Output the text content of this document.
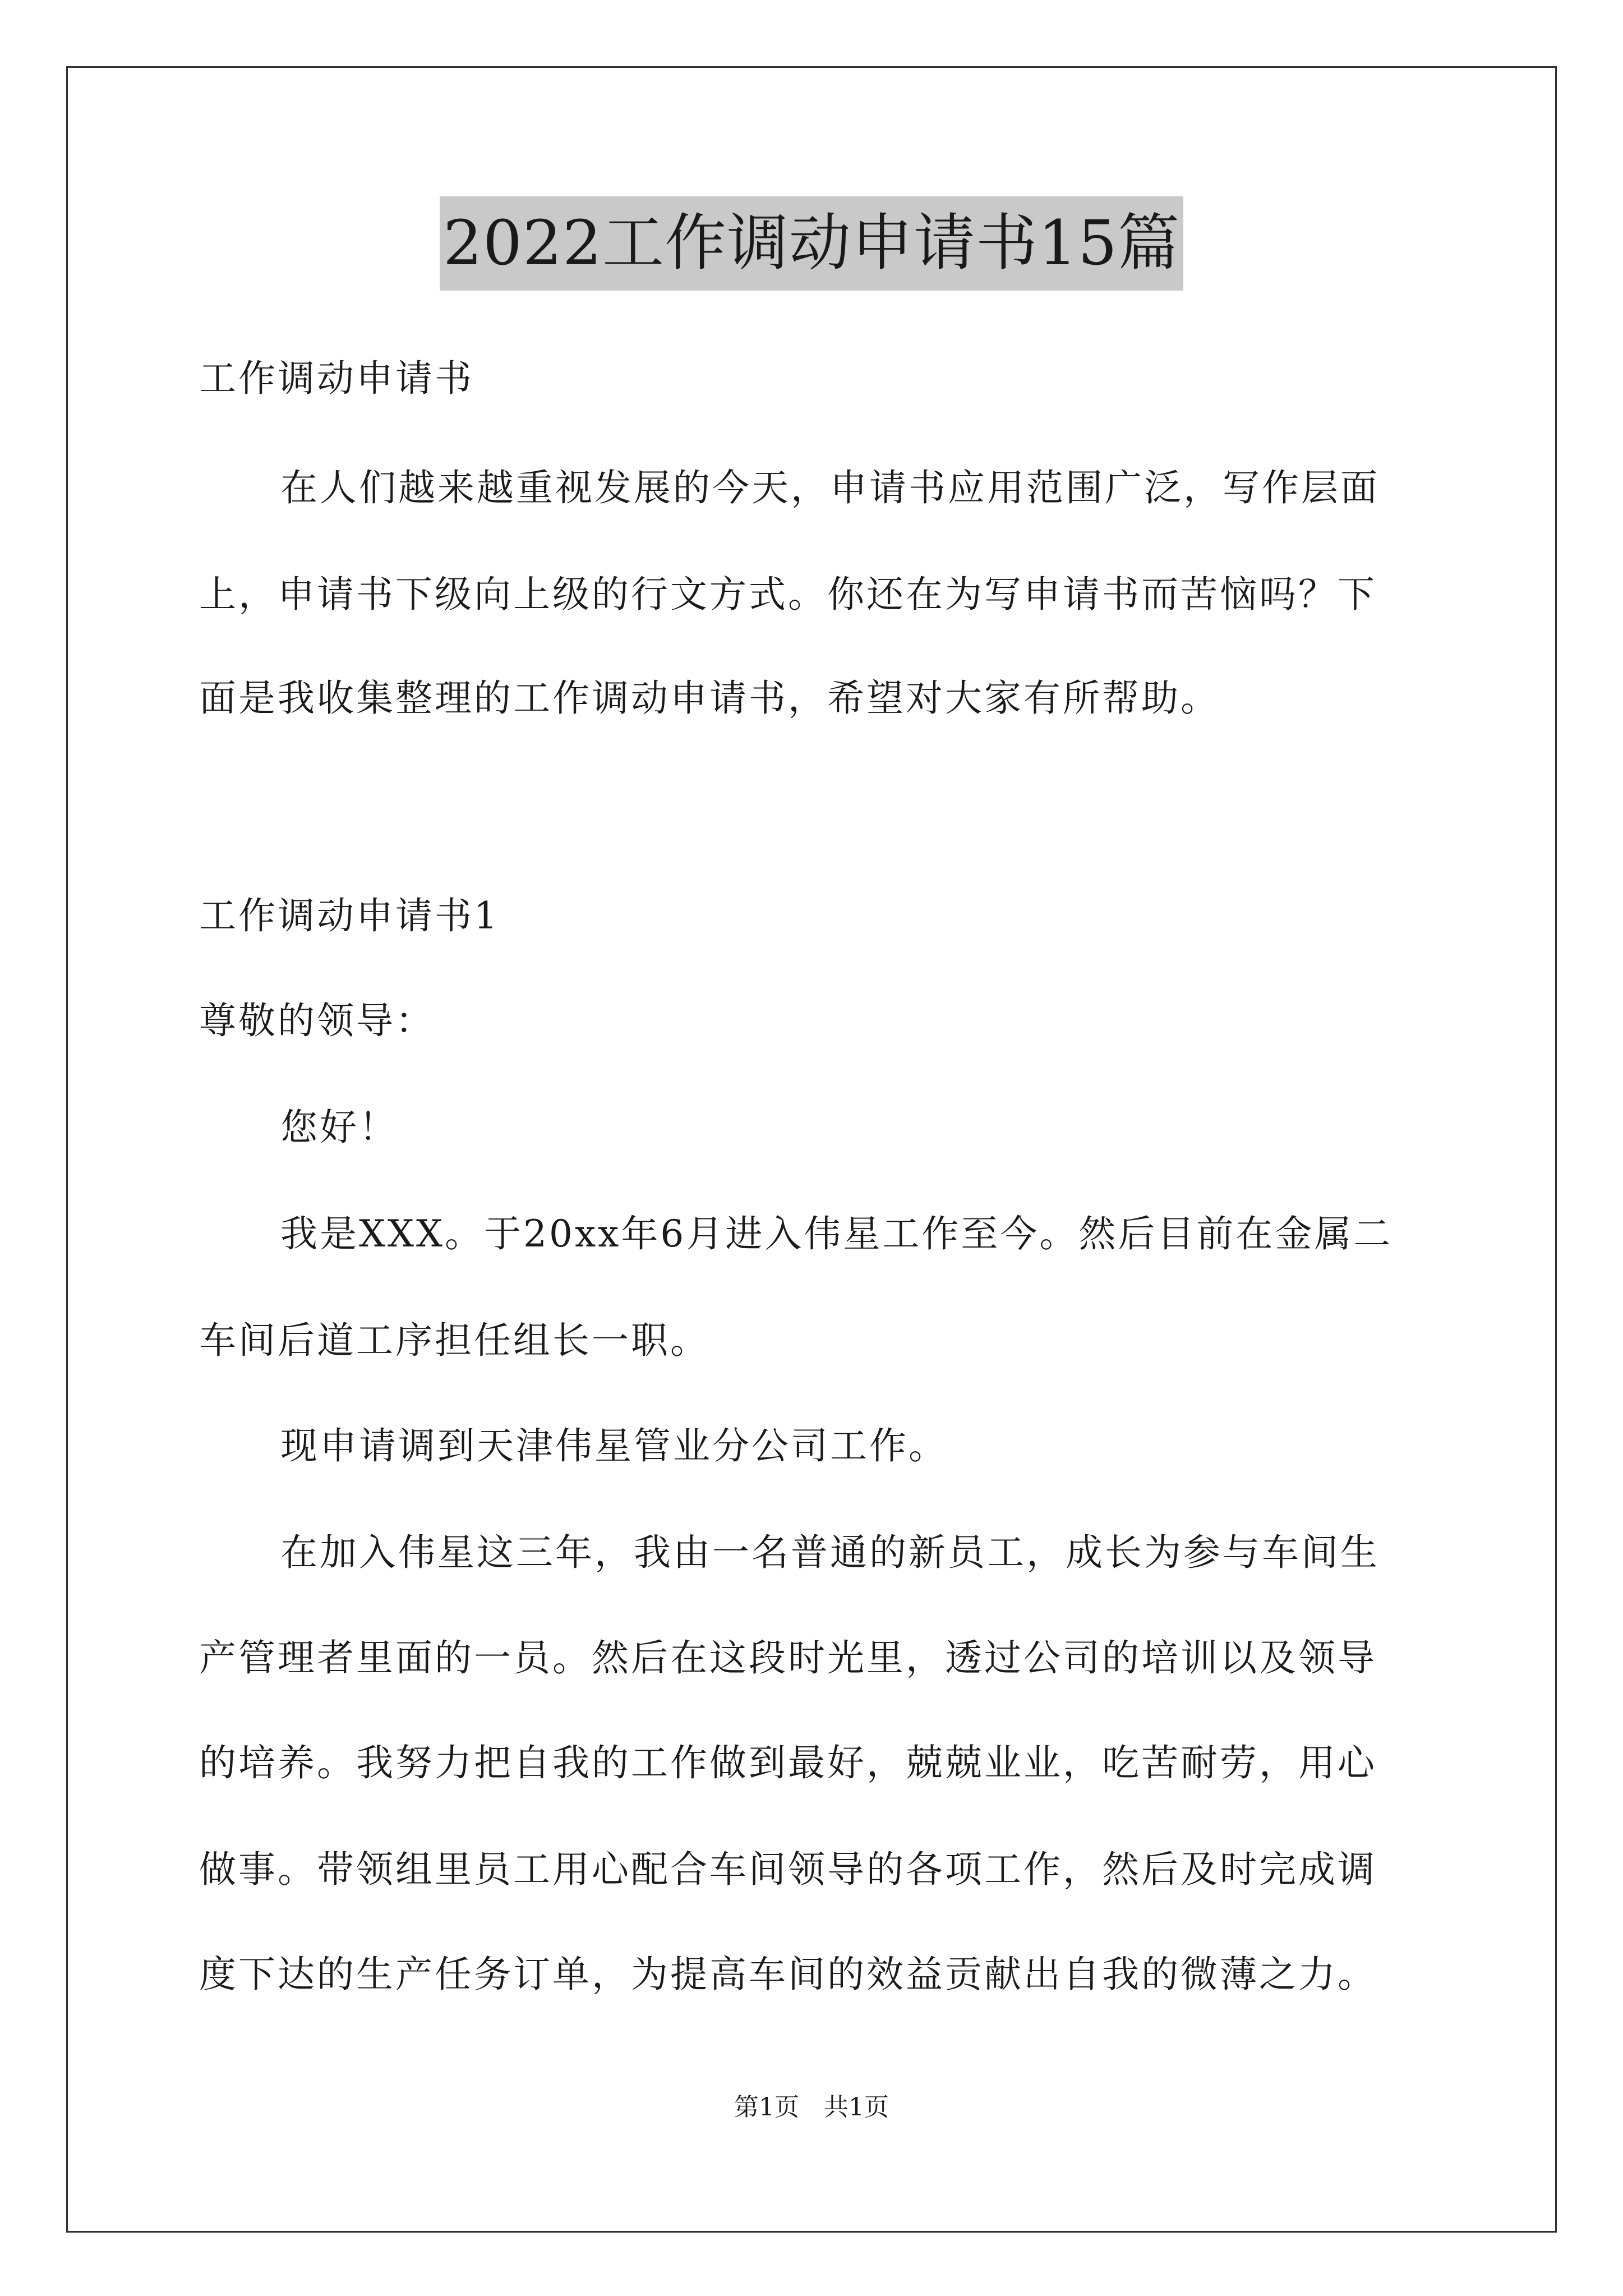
2022工作调动申请书15篇
工作调动申请书
在人们越来越重视发展的今天，申请书应用范围广泛，写作层面
上，申请书下级向上级的行文方式。你还在为写申请书而苦恼吗？下
面是我收集整理的工作调动申请书，希望对大家有所帮助。
工作调动申请书1
尊敬的领导：
您好！
我是XXX。于20xx年6月进入伟星工作至今。然后目前在金属二
车间后道工序担任组长一职。
现申请调到天津伟星管业分公司工作。
在加入伟星这三年，我由一名普通的新员工，成长为参与车间生
产管理者里面的一员。然后在这段时光里，透过公司的培训以及领导
的培养。我努力把自我的工作做到最好，兢兢业业，吃苦耐劳，用心
做事。带领组里员工用心配合车间领导的各项工作，然后及时完成调
度下达的生产任务订单，为提高车间的效益贡献出自我的微薄之力。
第1页　共1页
